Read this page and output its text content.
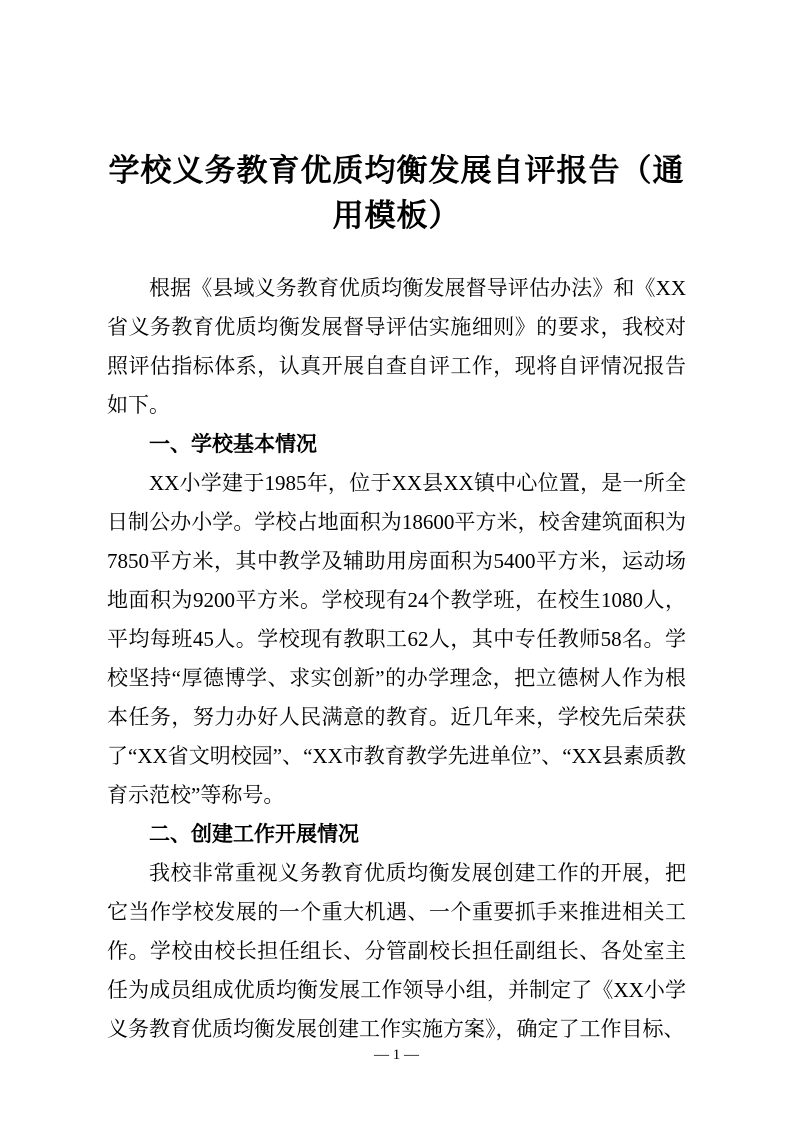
学校义务教育优质均衡发展自评报告（通用模板）

根据《县域义务教育优质均衡发展督导评估办法》和《XX省义务教育优质均衡发展督导评估实施细则》的要求，我校对照评估指标体系，认真开展自查自评工作，现将自评情况报告如下。

一、学校基本情况

XX小学建于1985年，位于XX县XX镇中心位置，是一所全日制公办小学。学校占地面积为18600平方米，校舍建筑面积为7850平方米，其中教学及辅助用房面积为5400平方米，运动场地面积为9200平方米。学校现有24个教学班，在校生1080人，平均每班45人。学校现有教职工62人，其中专任教师58名。学校坚持“厚德博学、求实创新”的办学理念，把立德树人作为根本任务，努力办好人民满意的教育。近几年来，学校先后荣获了“XX省文明校园”、“XX市教育教学先进单位”、“XX县素质教育示范校”等称号。

二、创建工作开展情况

我校非常重视义务教育优质均衡发展创建工作的开展，把它当作学校发展的一个重大机遇、一个重要抓手来推进相关工作。学校由校长担任组长、分管副校长担任副组长、各处室主任为成员组成优质均衡发展工作领导小组，并制定了《XX小学义务教育优质均衡发展创建工作实施方案》，确定了工作目标、

— 1 —
